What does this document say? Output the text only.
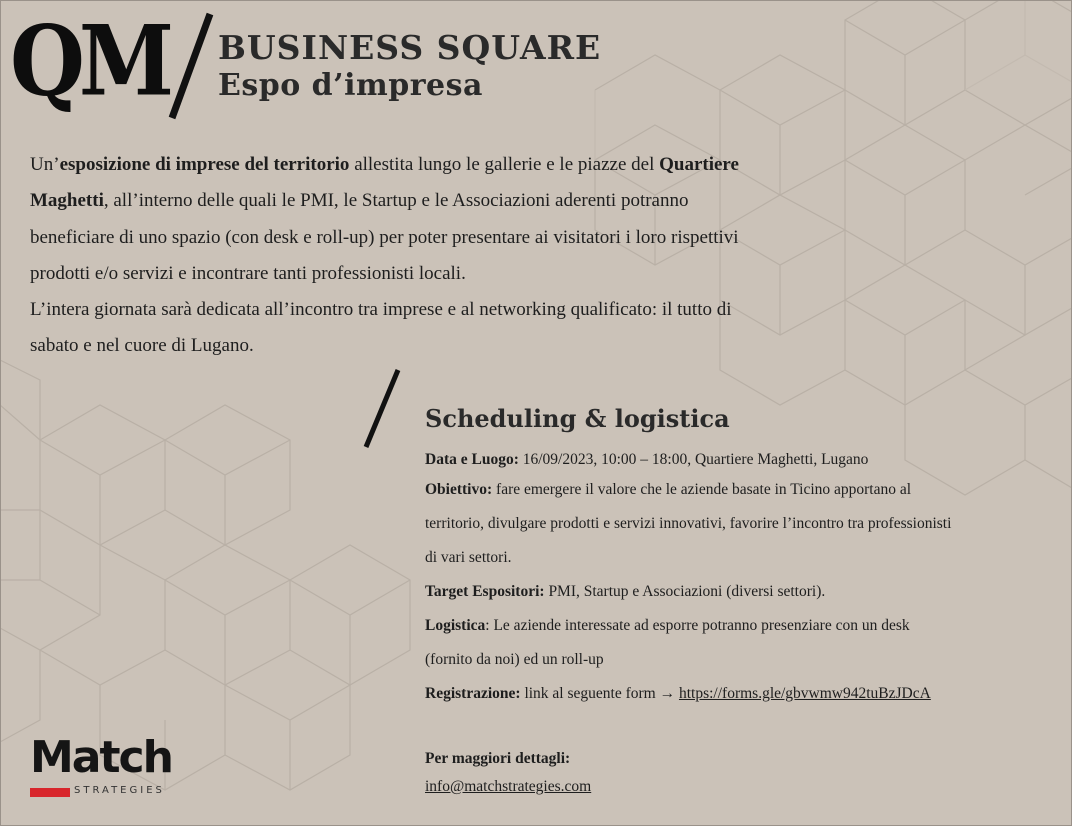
QM BUSINESS SQUARE
Espo d’impresa

Un’esposizione di imprese del territorio allestita lungo le gallerie e le piazze del Quartiere Maghetti, all’interno delle quali le PMI, le Startup e le Associazioni aderenti potranno beneficiare di uno spazio (con desk e roll-up) per poter presentare ai visitatori i loro rispettivi prodotti e/o servizi e incontrare tanti professionisti locali.

L’intera giornata sarà dedicata all’incontro tra imprese e al networking qualificato: il tutto di sabato e nel cuore di Lugano.

Scheduling & logistica
Data e Luogo: 16/09/2023, 10:00 – 18:00, Quartiere Maghetti, Lugano
Obiettivo: fare emergere il valore che le aziende basate in Ticino apportano al
territorio, divulgare prodotti e servizi innovativi, favorire l’incontro tra professionisti
di vari settori.
Target Espositori: PMI, Startup e Associazioni (diversi settori).
Logistica: Le aziende interessate ad esporre potranno presenziare con un desk
(fornito da noi) ed un roll-up
Registrazione: link al seguente form → https://forms.gle/gbvwmw942tuBzJDcA
Per maggiori dettagli:
info@matchstrategies.com
Match
STRATEGIES
